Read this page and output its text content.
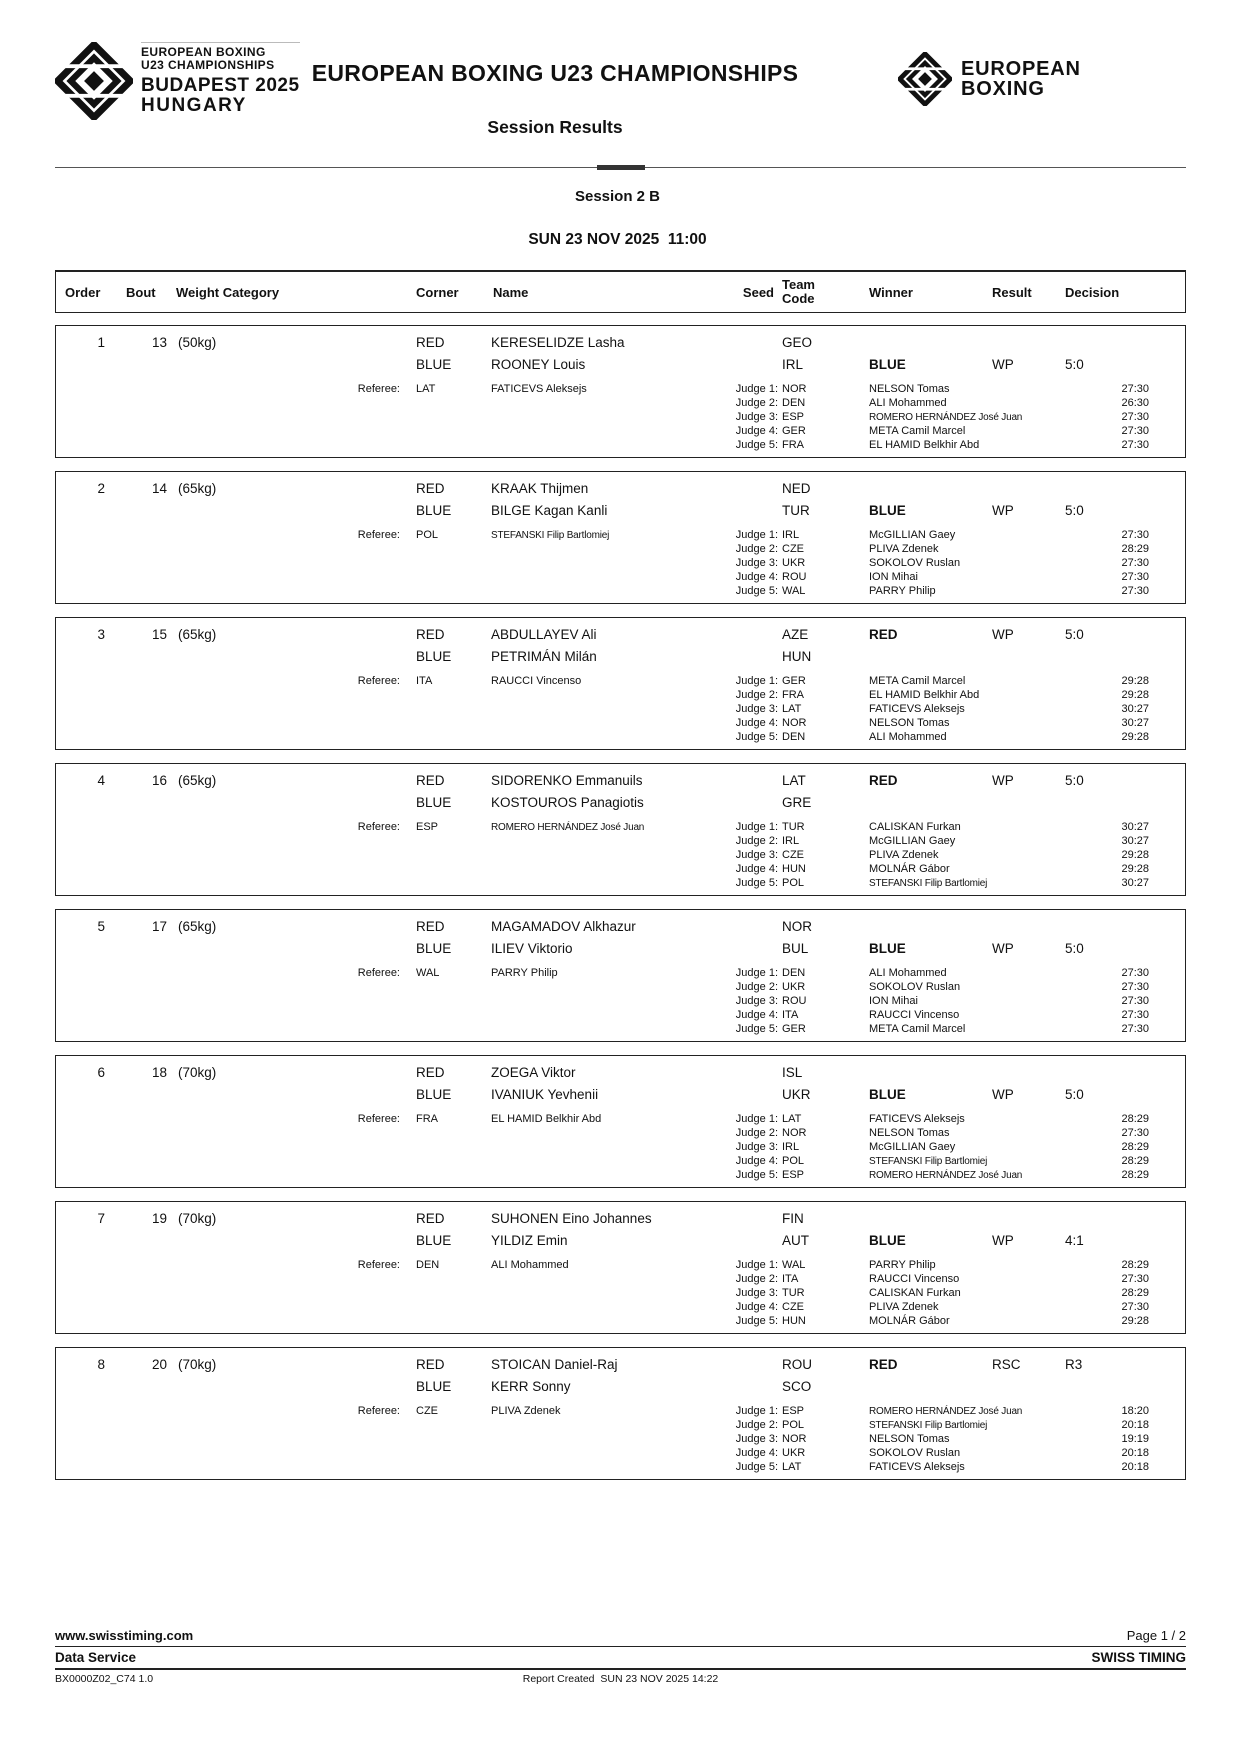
EUROPEAN BOXING
U23 CHAMPIONSHIPS
BUDAPEST 2025
HUNGARY
EUROPEAN BOXING U23 CHAMPIONSHIPS
Session Results
EUROPEAN
BOXING
Session 2 B
SUN 23 NOV 2025  11:00
Order	Bout	Weight Category	Corner	Name	Seed
Team
Code	Winner	Result	Decision
1	13 (50kg)	RED	KERESELIDZE Lasha	GEO
BLUE	ROONEY Louis	IRL	BLUE	WP	5:0
Referee:	LAT	FATICEVS Aleksejs	Judge 1: NOR	NELSON Tomas	27:30
Judge 2: DEN	ALI Mohammed	26:30
Judge 3: ESP	ROMERO HERNÁNDEZ José Juan	27:30
Judge 4: GER	META Camil Marcel	27:30
Judge 5: FRA	EL HAMID Belkhir Abd	27:30
2	14 (65kg)	RED	KRAAK Thijmen	NED
BLUE	BILGE Kagan Kanli	TUR	BLUE	WP	5:0
Referee:	POL	STEFANSKI Filip Bartlomiej	Judge 1: IRL	McGILLIAN Gaey	27:30
Judge 2: CZE	PLIVA Zdenek	28:29
Judge 3: UKR	SOKOLOV Ruslan	27:30
Judge 4: ROU	ION Mihai	27:30
Judge 5: WAL	PARRY Philip	27:30
3	15 (65kg)	RED	ABDULLAYEV Ali	AZE	RED	WP	5:0
BLUE	PETRIMÁN Milán	HUN
Referee:	ITA	RAUCCI Vincenso	Judge 1: GER	META Camil Marcel	29:28
Judge 2: FRA	EL HAMID Belkhir Abd	29:28
Judge 3: LAT	FATICEVS Aleksejs	30:27
Judge 4: NOR	NELSON Tomas	30:27
Judge 5: DEN	ALI Mohammed	29:28
4	16 (65kg)	RED	SIDORENKO Emmanuils	LAT	RED	WP	5:0
BLUE	KOSTOUROS Panagiotis	GRE
Referee:	ESP	ROMERO HERNÁNDEZ José Juan	Judge 1: TUR	CALISKAN Furkan	30:27
Judge 2: IRL	McGILLIAN Gaey	30:27
Judge 3: CZE	PLIVA Zdenek	29:28
Judge 4: HUN	MOLNÁR Gábor	29:28
Judge 5: POL	STEFANSKI Filip Bartlomiej	30:27
5	17 (65kg)	RED	MAGAMADOV Alkhazur	NOR
BLUE	ILIEV Viktorio	BUL	BLUE	WP	5:0
Referee:	WAL	PARRY Philip	Judge 1: DEN	ALI Mohammed	27:30
Judge 2: UKR	SOKOLOV Ruslan	27:30
Judge 3: ROU	ION Mihai	27:30
Judge 4: ITA	RAUCCI Vincenso	27:30
Judge 5: GER	META Camil Marcel	27:30
6	18 (70kg)	RED	ZOEGA Viktor	ISL
BLUE	IVANIUK Yevhenii	UKR	BLUE	WP	5:0
Referee:	FRA	EL HAMID Belkhir Abd	Judge 1: LAT	FATICEVS Aleksejs	28:29
Judge 2: NOR	NELSON Tomas	27:30
Judge 3: IRL	McGILLIAN Gaey	28:29
Judge 4: POL	STEFANSKI Filip Bartlomiej	28:29
Judge 5: ESP	ROMERO HERNÁNDEZ José Juan	28:29
7	19 (70kg)	RED	SUHONEN Eino Johannes	FIN
BLUE	YILDIZ Emin	AUT	BLUE	WP	4:1
Referee:	DEN	ALI Mohammed	Judge 1: WAL	PARRY Philip	28:29
Judge 2: ITA	RAUCCI Vincenso	27:30
Judge 3: TUR	CALISKAN Furkan	28:29
Judge 4: CZE	PLIVA Zdenek	27:30
Judge 5: HUN	MOLNÁR Gábor	29:28
8	20 (70kg)	RED	STOICAN Daniel-Raj	ROU	RED	RSC	R3
BLUE	KERR Sonny	SCO
Referee:	CZE	PLIVA Zdenek	Judge 1: ESP	ROMERO HERNÁNDEZ José Juan	18:20
Judge 2: POL	STEFANSKI Filip Bartlomiej	20:18
Judge 3: NOR	NELSON Tomas	19:19
Judge 4: UKR	SOKOLOV Ruslan	20:18
Judge 5: LAT	FATICEVS Aleksejs	20:18
www.swisstiming.com	Page 1 / 2
Data Service	SWISS TIMING
BX0000Z02_C74 1.0	Report Created  SUN 23 NOV 2025 14:22
